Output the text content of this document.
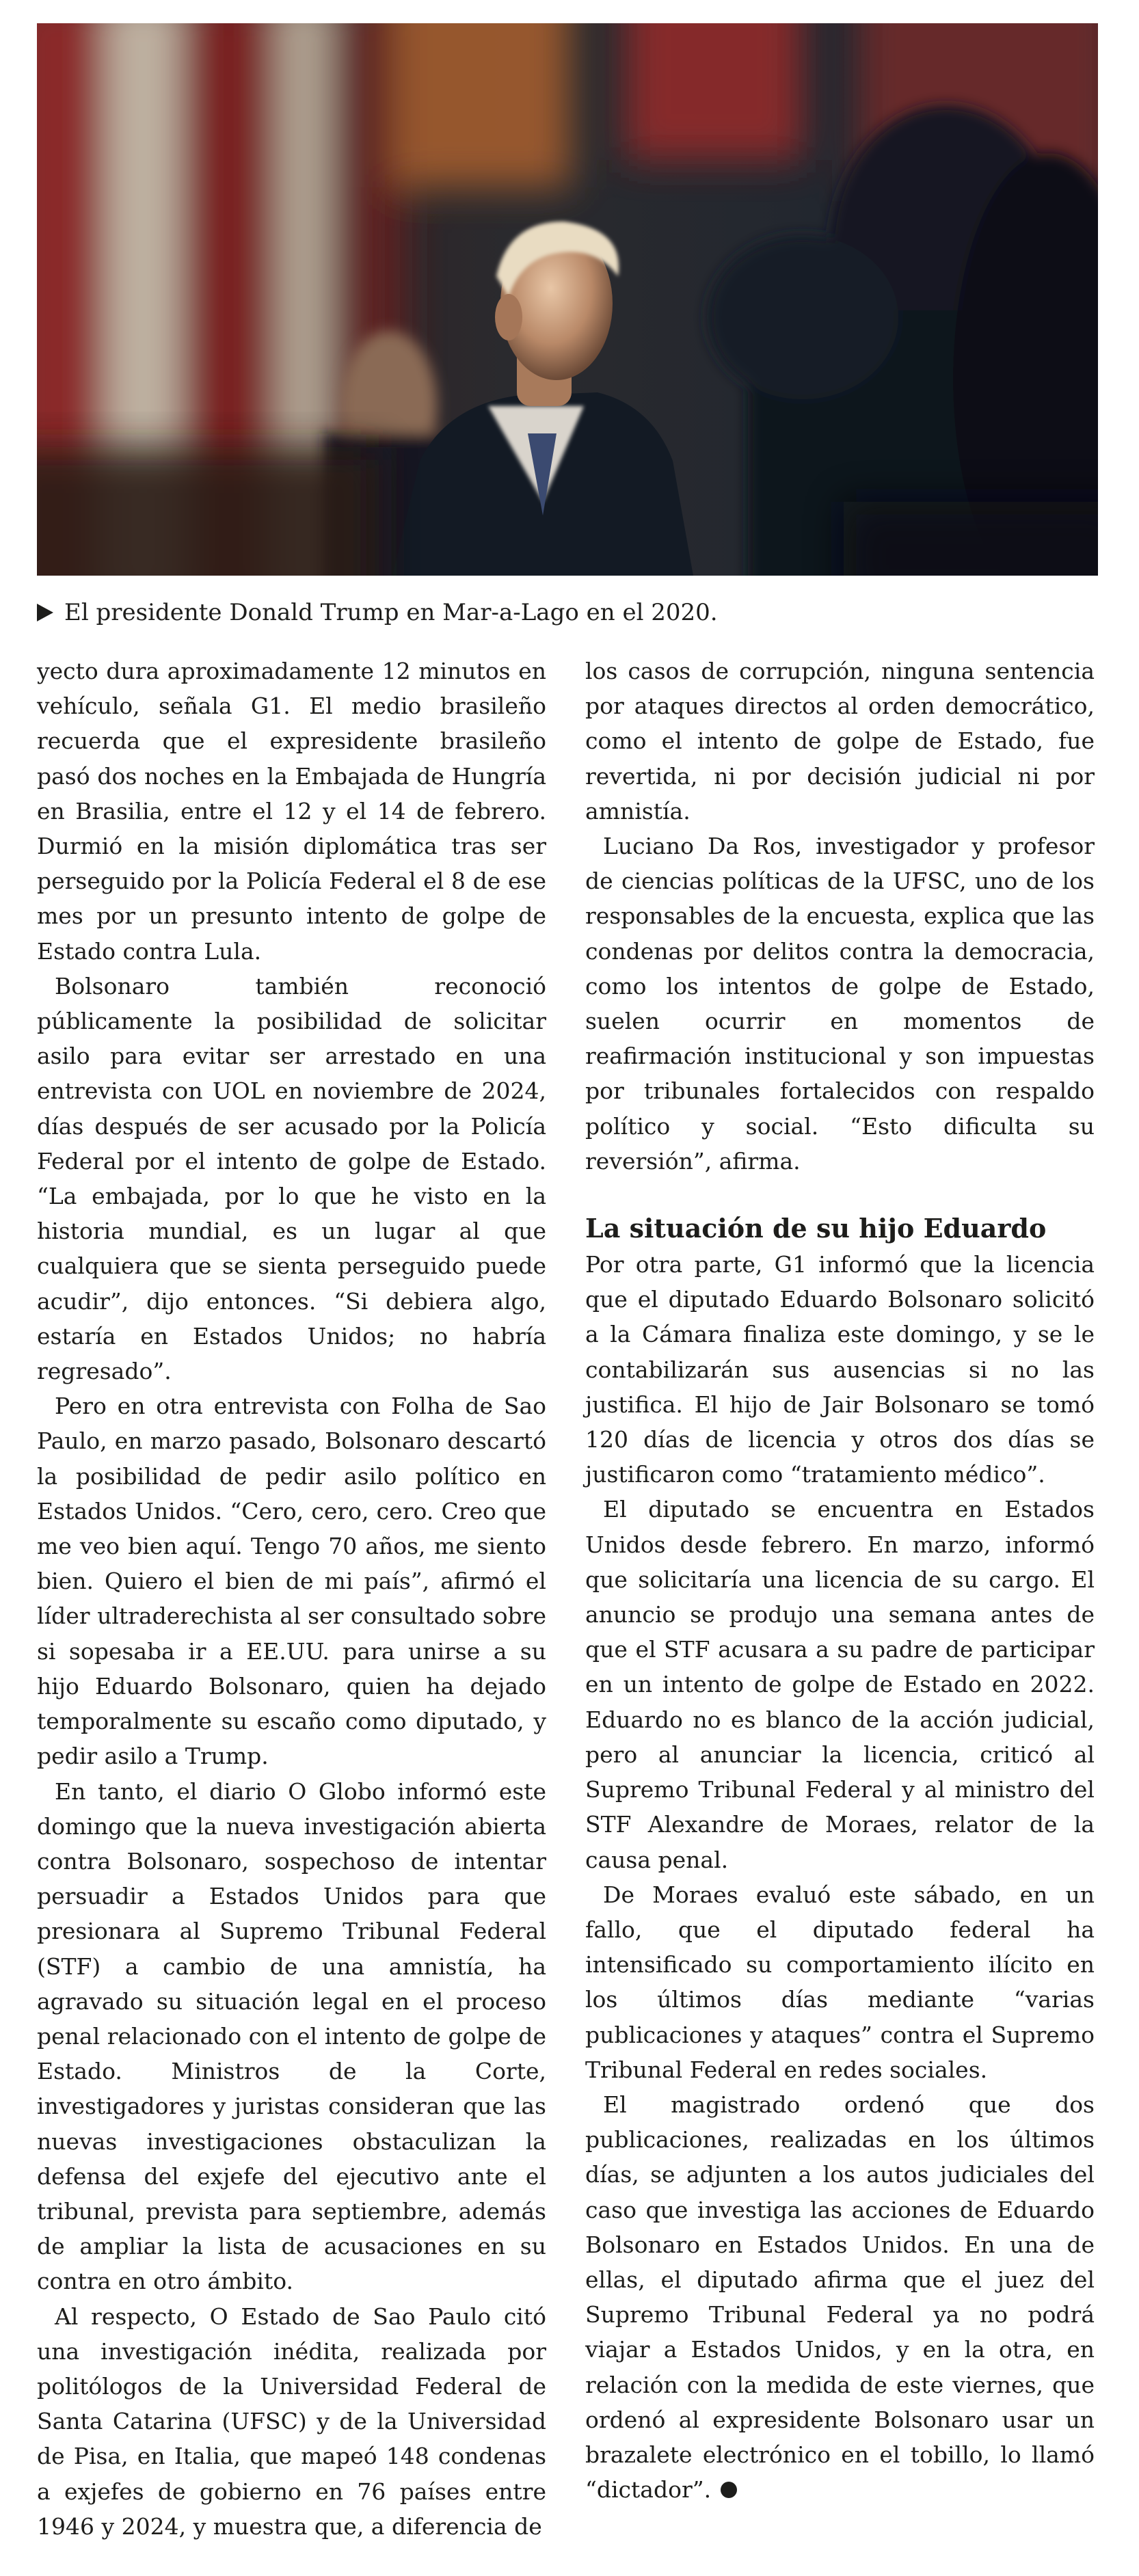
El presidente Donald Trump en Mar-a-Lago en el 2020.

yecto dura aproximadamente 12 minutos en vehículo, señala G1. El medio brasileño recuerda que el expresidente brasileño pasó dos noches en la Embajada de Hungría en Brasilia, entre el 12 y el 14 de febrero. Durmió en la misión diplomática tras ser perseguido por la Policía Federal el 8 de ese mes por un presunto intento de golpe de Estado contra Lula.

Bolsonaro también reconoció públicamente la posibilidad de solicitar asilo para evitar ser arrestado en una entrevista con UOL en noviembre de 2024, días después de ser acusado por la Policía Federal por el intento de golpe de Estado. “La embajada, por lo que he visto en la historia mundial, es un lugar al que cualquiera que se sienta perseguido puede acudir”, dijo entonces. “Si debiera algo, estaría en Estados Unidos; no habría regresado”.

Pero en otra entrevista con Folha de Sao Paulo, en marzo pasado, Bolsonaro descartó la posibilidad de pedir asilo político en Estados Unidos. “Cero, cero, cero. Creo que me veo bien aquí. Tengo 70 años, me siento bien. Quiero el bien de mi país”, afirmó el líder ultraderechista al ser consultado sobre si sopesaba ir a EE.UU. para unirse a su hijo Eduardo Bolsonaro, quien ha dejado temporalmente su escaño como diputado, y pedir asilo a Trump.

En tanto, el diario O Globo informó este domingo que la nueva investigación abierta contra Bolsonaro, sospechoso de intentar persuadir a Estados Unidos para que presionara al Supremo Tribunal Federal (STF) a cambio de una amnistía, ha agravado su situación legal en el proceso penal relacionado con el intento de golpe de Estado. Ministros de la Corte, investigadores y juristas consideran que las nuevas investigaciones obstaculizan la defensa del exjefe del ejecutivo ante el tribunal, prevista para septiembre, además de ampliar la lista de acusaciones en su contra en otro ámbito.

Al respecto, O Estado de Sao Paulo citó una investigación inédita, realizada por politólogos de la Universidad Federal de Santa Catarina (UFSC) y de la Universidad de Pisa, en Italia, que mapeó 148 condenas a exjefes de gobierno en 76 países entre 1946 y 2024, y muestra que, a diferencia de

los casos de corrupción, ninguna sentencia por ataques directos al orden democrático, como el intento de golpe de Estado, fue revertida, ni por decisión judicial ni por amnistía.

Luciano Da Ros, investigador y profesor de ciencias políticas de la UFSC, uno de los responsables de la encuesta, explica que las condenas por delitos contra la democracia, como los intentos de golpe de Estado, suelen ocurrir en momentos de reafirmación institucional y son impuestas por tribunales fortalecidos con respaldo político y social. “Esto dificulta su reversión”, afirma.

La situación de su hijo Eduardo

Por otra parte, G1 informó que la licencia que el diputado Eduardo Bolsonaro solicitó a la Cámara finaliza este domingo, y se le contabilizarán sus ausencias si no las justifica. El hijo de Jair Bolsonaro se tomó 120 días de licencia y otros dos días se justificaron como “tratamiento médico”.

El diputado se encuentra en Estados Unidos desde febrero. En marzo, informó que solicitaría una licencia de su cargo. El anuncio se produjo una semana antes de que el STF acusara a su padre de participar en un intento de golpe de Estado en 2022. Eduardo no es blanco de la acción judicial, pero al anunciar la licencia, criticó al Supremo Tribunal Federal y al ministro del STF Alexandre de Moraes, relator de la causa penal.

De Moraes evaluó este sábado, en un fallo, que el diputado federal ha intensificado su comportamiento ilícito en los últimos días mediante “varias publicaciones y ataques” contra el Supremo Tribunal Federal en redes sociales.

El magistrado ordenó que dos publicaciones, realizadas en los últimos días, se adjunten a los autos judiciales del caso que investiga las acciones de Eduardo Bolsonaro en Estados Unidos. En una de ellas, el diputado afirma que el juez del Supremo Tribunal Federal ya no podrá viajar a Estados Unidos, y en la otra, en relación con la medida de este viernes, que ordenó al expresidente Bolsonaro usar un brazalete electrónico en el tobillo, lo llamó “dictador”.
